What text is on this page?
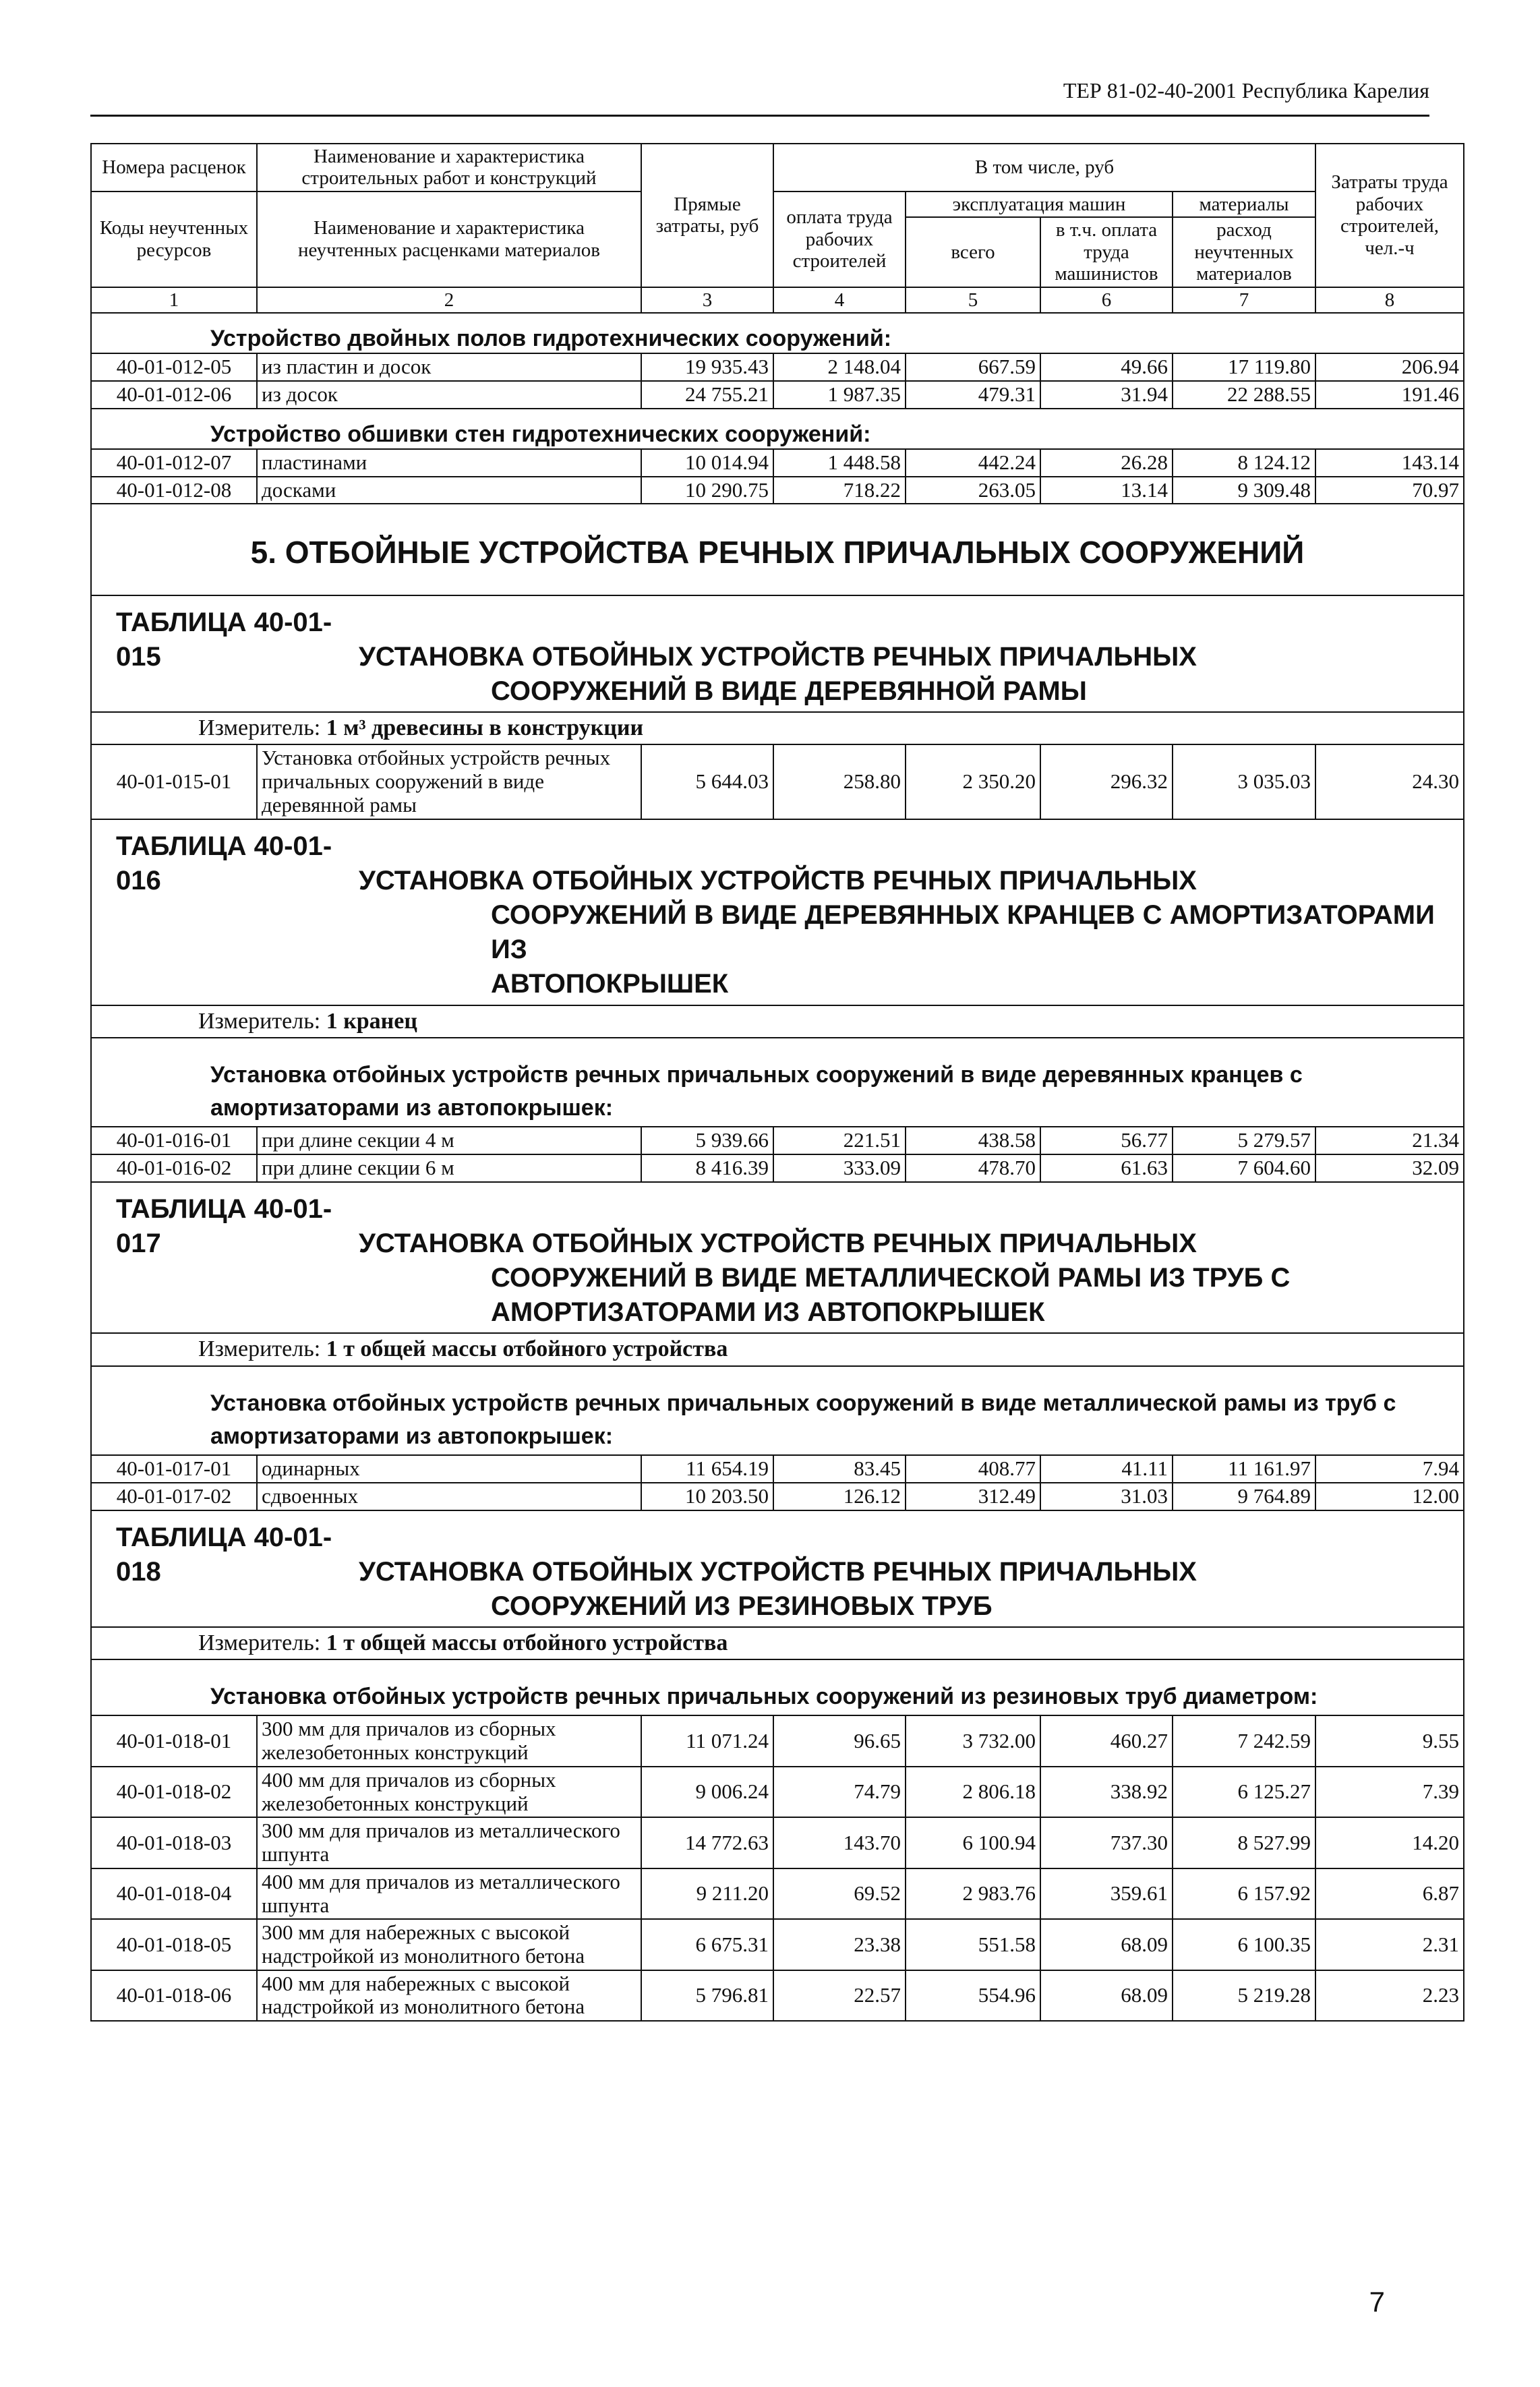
ТЕР 81-02-40-2001 Республика Карелия
Номера расценок	Наименование и характеристика строительных работ и конструкций	Прямые затраты, руб	В том числе, руб				Затраты труда рабочих строителей, чел.-ч
Коды неучтенных ресурсов	Наименование и характеристика неучтенных расценками материалов		оплата труда рабочих строителей	эксплуатация машин		материалы	
				всего	в т.ч. оплата труда машинистов	расход неучтенных материалов	
1	2	3	4	5	6	7	8
Устройство двойных полов гидротехнических сооружений:							
40-01-012-05	из пластин и досок	19 935.43	2 148.04	667.59	49.66	17 119.80	206.94
40-01-012-06	из досок	24 755.21	1 987.35	479.31	31.94	22 288.55	191.46
Устройство обшивки стен гидротехнических сооружений:							
40-01-012-07	пластинами	10 014.94	1 448.58	442.24	26.28	8 124.12	143.14
40-01-012-08	досками	10 290.75	718.22	263.05	13.14	9 309.48	70.97
5. ОТБОЙНЫЕ УСТРОЙСТВА РЕЧНЫХ ПРИЧАЛЬНЫХ СООРУЖЕНИЙ							
ТАБЛИЦА 40-01-015 УСТАНОВКА ОТБОЙНЫХ УСТРОЙСТВ РЕЧНЫХ ПРИЧАЛЬНЫХ
СООРУЖЕНИЙ В ВИДЕ ДЕРЕВЯННОЙ РАМЫ							

Измеритель: 1 м³ древесины в конструкции							
40-01-015-01	Установка отбойных устройств речных причальных сооружений в виде деревянной рамы	5 644.03	258.80	2 350.20	296.32	3 035.03	24.30
ТАБЛИЦА 40-01-016 УСТАНОВКА ОТБОЙНЫХ УСТРОЙСТВ РЕЧНЫХ ПРИЧАЛЬНЫХ
СООРУЖЕНИЙ В ВИДЕ ДЕРЕВЯННЫХ КРАНЦЕВ С АМОРТИЗАТОРАМИ ИЗ
АВТОПОКРЫШЕК							

Измеритель: 1 кранец							
Установка отбойных устройств речных причальных сооружений в виде деревянных кранцев с амортизаторами из автопокрышек:							
40-01-016-01	при длине секции 4 м	5 939.66	221.51	438.58	56.77	5 279.57	21.34
40-01-016-02	при длине секции 6 м	8 416.39	333.09	478.70	61.63	7 604.60	32.09
ТАБЛИЦА 40-01-017 УСТАНОВКА ОТБОЙНЫХ УСТРОЙСТВ РЕЧНЫХ ПРИЧАЛЬНЫХ
СООРУЖЕНИЙ В ВИДЕ МЕТАЛЛИЧЕСКОЙ РАМЫ ИЗ ТРУБ С
АМОРТИЗАТОРАМИ ИЗ АВТОПОКРЫШЕК							

Измеритель: 1 т общей массы отбойного устройства							
Установка отбойных устройств речных причальных сооружений в виде металлической рамы из труб с амортизаторами из автопокрышек:							
40-01-017-01	одинарных	11 654.19	83.45	408.77	41.11	11 161.97	7.94
40-01-017-02	сдвоенных	10 203.50	126.12	312.49	31.03	9 764.89	12.00
ТАБЛИЦА 40-01-018 УСТАНОВКА ОТБОЙНЫХ УСТРОЙСТВ РЕЧНЫХ ПРИЧАЛЬНЫХ
СООРУЖЕНИЙ ИЗ РЕЗИНОВЫХ ТРУБ							

Измеритель: 1 т общей массы отбойного устройства							
Установка отбойных устройств речных причальных сооружений из резиновых труб диаметром:							
40-01-018-01	300 мм для причалов из сборных железобетонных конструкций	11 071.24	96.65	3 732.00	460.27	7 242.59	9.55
40-01-018-02	400 мм для причалов из сборных железобетонных конструкций	9 006.24	74.79	2 806.18	338.92	6 125.27	7.39
40-01-018-03	300 мм для причалов из металлического шпунта	14 772.63	143.70	6 100.94	737.30	8 527.99	14.20
40-01-018-04	400 мм для причалов из металлического шпунта	9 211.20	69.52	2 983.76	359.61	6 157.92	6.87
40-01-018-05	300 мм для набережных с высокой надстройкой из монолитного бетона	6 675.31	23.38	551.58	68.09	6 100.35	2.31
40-01-018-06	400 мм для набережных с высокой надстройкой из монолитного бетона	5 796.81	22.57	554.96	68.09	5 219.28	2.23
7
